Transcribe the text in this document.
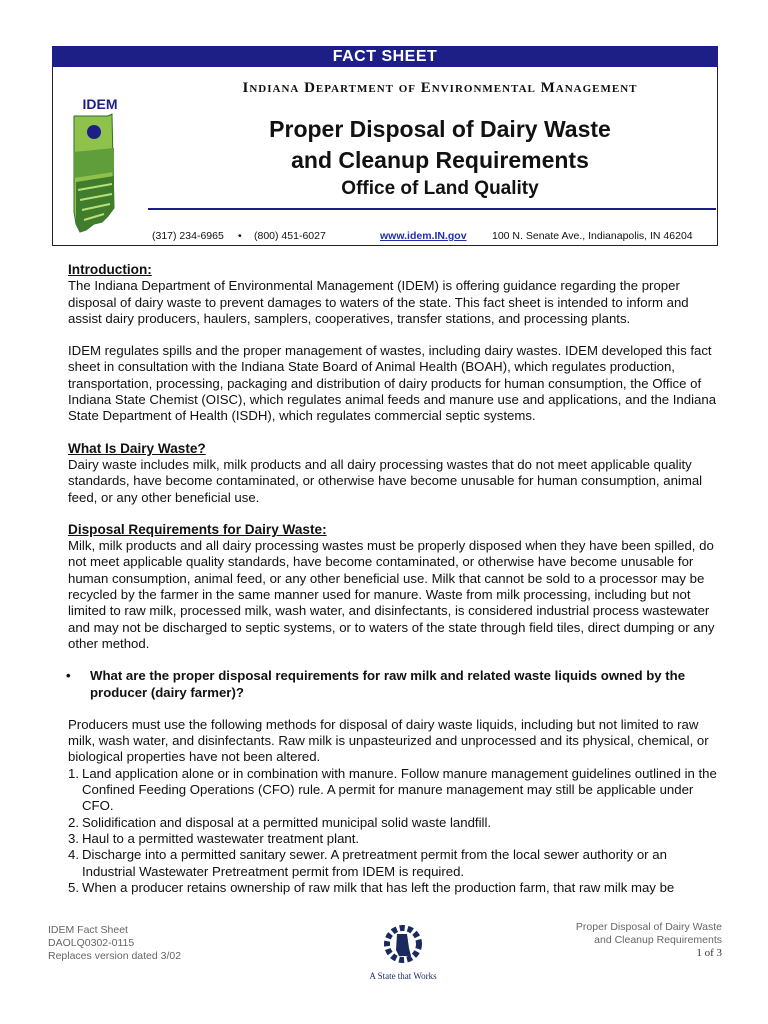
FACT SHEET
Indiana Department of Environmental Management
IDEM
Proper Disposal of Dairy Waste
and Cleanup Requirements
Office of Land Quality
(317) 234-6965 • (800) 451-6027	www.idem.IN.gov 100 N. Senate Ave., Indianapolis, IN 46204
Introduction:

The Indiana Department of Environmental Management (IDEM) is offering guidance regarding the proper disposal of dairy waste to prevent damages to waters of the state. This fact sheet is intended to inform and assist dairy producers, haulers, samplers, cooperatives, transfer stations, and processing plants.

IDEM regulates spills and the proper management of wastes, including dairy wastes. IDEM developed this fact sheet in consultation with the Indiana State Board of Animal Health (BOAH), which regulates production, transportation, processing, packaging and distribution of dairy products for human consumption, the Office of Indiana State Chemist (OISC), which regulates animal feeds and manure use and applications, and the Indiana State Department of Health (ISDH), which regulates commercial septic systems.

What Is Dairy Waste?

Dairy waste includes milk, milk products and all dairy processing wastes that do not meet applicable quality standards, have become contaminated, or otherwise have become unusable for human consumption, animal feed, or any other beneficial use.

Disposal Requirements for Dairy Waste:

Milk, milk products and all dairy processing wastes must be properly disposed when they have been spilled, do not meet applicable quality standards, have become contaminated, or otherwise have become unusable for human consumption, animal feed, or any other beneficial use. Milk that cannot be sold to a processor may be recycled by the farmer in the same manner used for manure. Waste from milk processing, including but not limited to raw milk, processed milk, wash water, and disinfectants, is considered industrial process wastewater and may not be discharged to septic systems, or to waters of the state through field tiles, direct dumping or any other method.

•	What are the proper disposal requirements for raw milk and related waste liquids owned by the producer (dairy farmer)?

Producers must use the following methods for disposal of dairy waste liquids, including but not limited to raw milk, wash water, and disinfectants. Raw milk is unpasteurized and unprocessed and its physical, chemical, or biological properties have not been altered.

1. Land application alone or in combination with manure. Follow manure management guidelines outlined in the Confined Feeding Operations (CFO) rule. A permit for manure management may still be applicable under CFO.
2. Solidification and disposal at a permitted municipal solid waste landfill.
3. Haul to a permitted wastewater treatment plant.
4. Discharge into a permitted sanitary sewer. A pretreatment permit from the local sewer authority or an Industrial Wastewater Pretreatment permit from IDEM is required.
5. When a producer retains ownership of raw milk that has left the production farm, that raw milk may be
IDEM Fact Sheet
DAOLQ0302-0115
Replaces version dated 3/02
A State that Works
Proper Disposal of Dairy Waste
and Cleanup Requirements
1 of 3
